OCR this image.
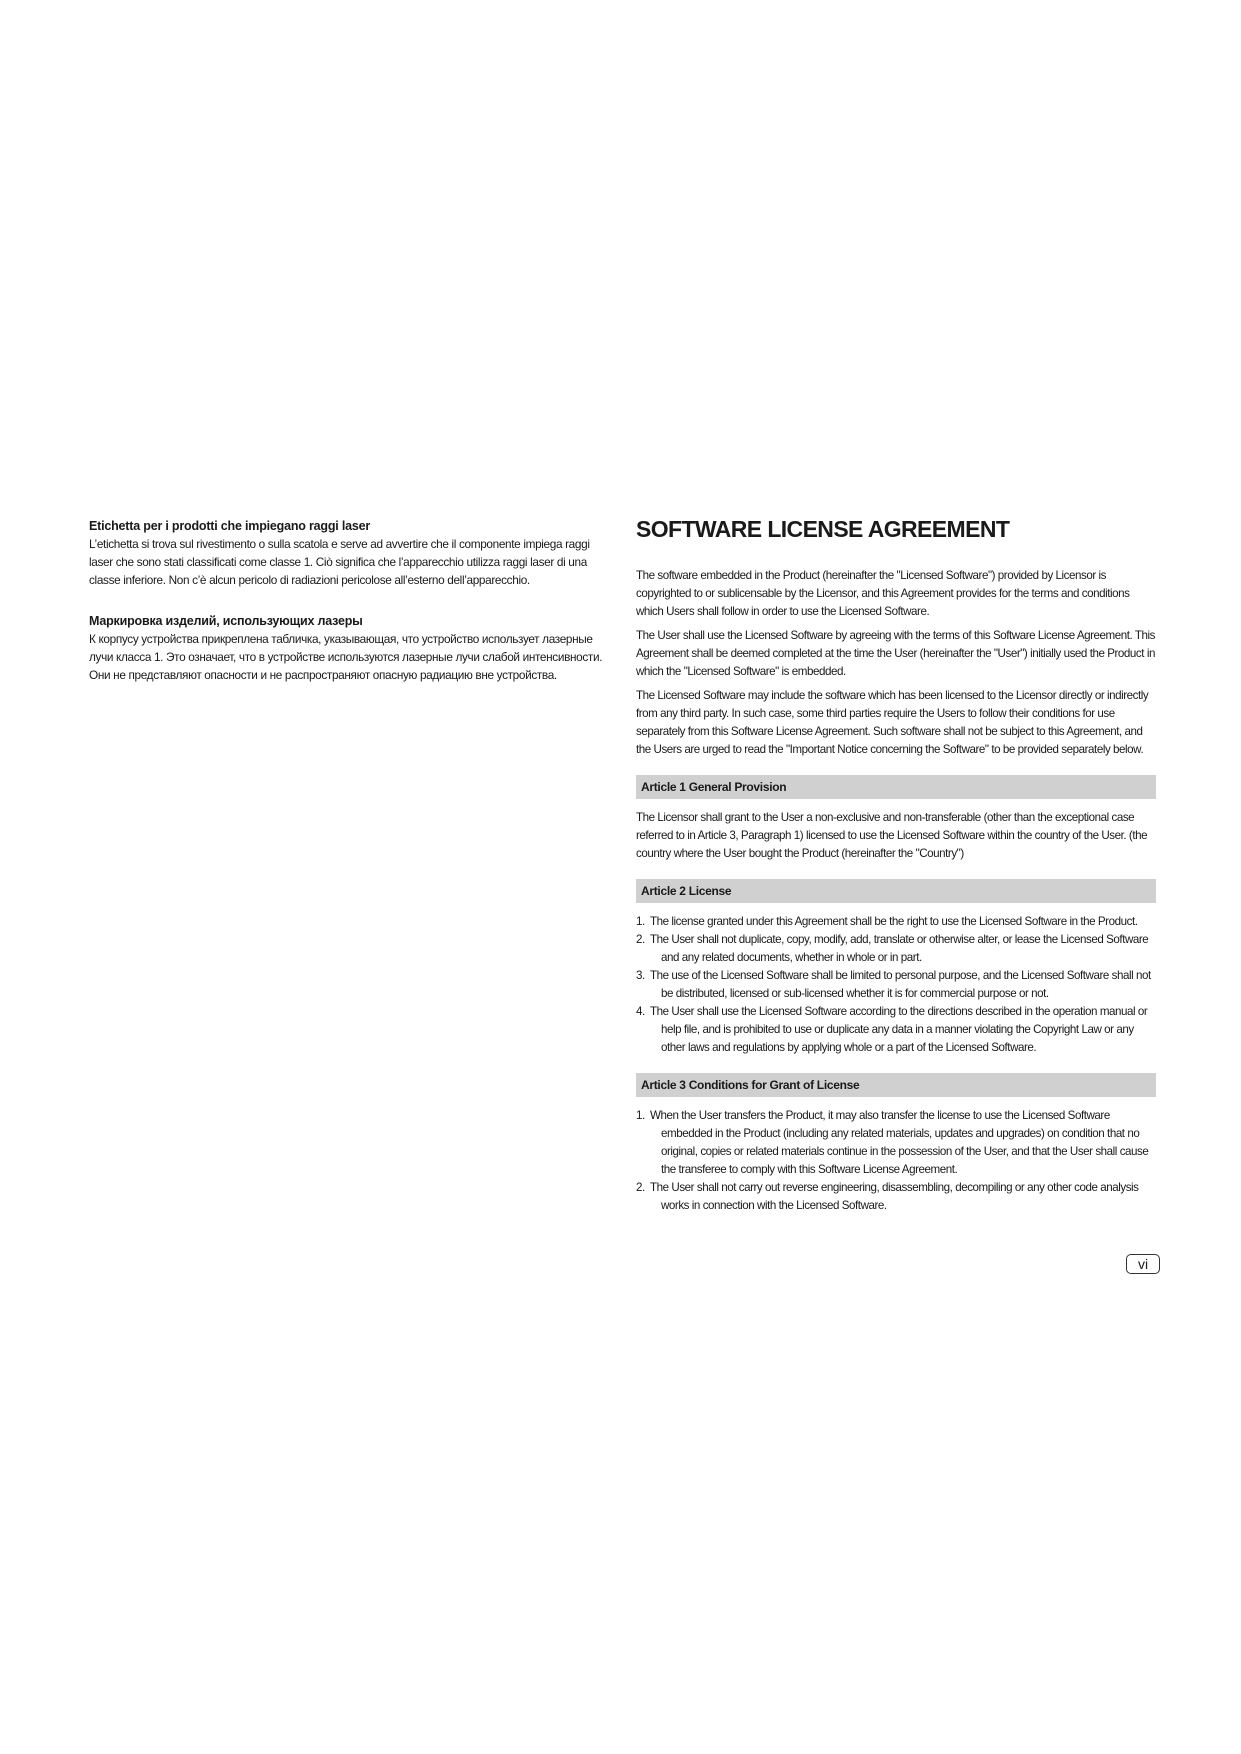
Etichetta per i prodotti che impiegano raggi laser

L’etichetta si trova sul rivestimento o sulla scatola e serve ad avvertire che il componente impiega raggi laser che sono stati classificati come classe 1. Ciò significa che l’apparecchio utilizza raggi laser di una classe inferiore. Non c’è alcun pericolo di radiazioni pericolose all’esterno dell’apparecchio.

Маркировка изделий, использующих лазеры

К корпусу устройства прикреплена табличка, указывающая, что устройство использует лазерные лучи класса 1. Это означает, что в устройстве используются лазерные лучи слабой интенсивности. Они не представляют опасности и не распространяют опасную радиацию вне устройства.

SOFTWARE LICENSE AGREEMENT

The software embedded in the Product (hereinafter the "Licensed Software") provided by Licensor is copyrighted to or sublicensable by the Licensor, and this Agreement provides for the terms and conditions which Users shall follow in order to use the Licensed Software.

The User shall use the Licensed Software by agreeing with the terms of this Software License Agreement. This Agreement shall be deemed completed at the time the User (hereinafter the "User") initially used the Product in which the "Licensed Software" is embedded.

The Licensed Software may include the software which has been licensed to the Licensor directly or indirectly from any third party. In such case, some third parties require the Users to follow their conditions for use separately from this Software License Agreement. Such software shall not be subject to this Agreement, and the Users are urged to read the "Important Notice concerning the Software" to be provided separately below.

Article 1 General Provision

The Licensor shall grant to the User a non-exclusive and non-transferable (other than the exceptional case referred to in Article 3, Paragraph 1) licensed to use the Licensed Software within the country of the User. (the country where the User bought the Product (hereinafter the "Country")

Article 2 License
1. The license granted under this Agreement shall be the right to use the Licensed Software in the Product.
2. The User shall not duplicate, copy, modify, add, translate or otherwise alter, or lease the Licensed Software and any related documents, whether in whole or in part.
3. The use of the Licensed Software shall be limited to personal purpose, and the Licensed Software shall not be distributed, licensed or sub-licensed whether it is for commercial purpose or not.
4. The User shall use the Licensed Software according to the directions described in the operation manual or help file, and is prohibited to use or duplicate any data in a manner violating the Copyright Law or any other laws and regulations by applying whole or a part of the Licensed Software.
Article 3 Conditions for Grant of License
1. When the User transfers the Product, it may also transfer the license to use the Licensed Software embedded in the Product (including any related materials, updates and upgrades) on condition that no original, copies or related materials continue in the possession of the User, and that the User shall cause the transferee to comply with this Software License Agreement.
2. The User shall not carry out reverse engineering, disassembling, decompiling or any other code analysis works in connection with the Licensed Software.
vi
